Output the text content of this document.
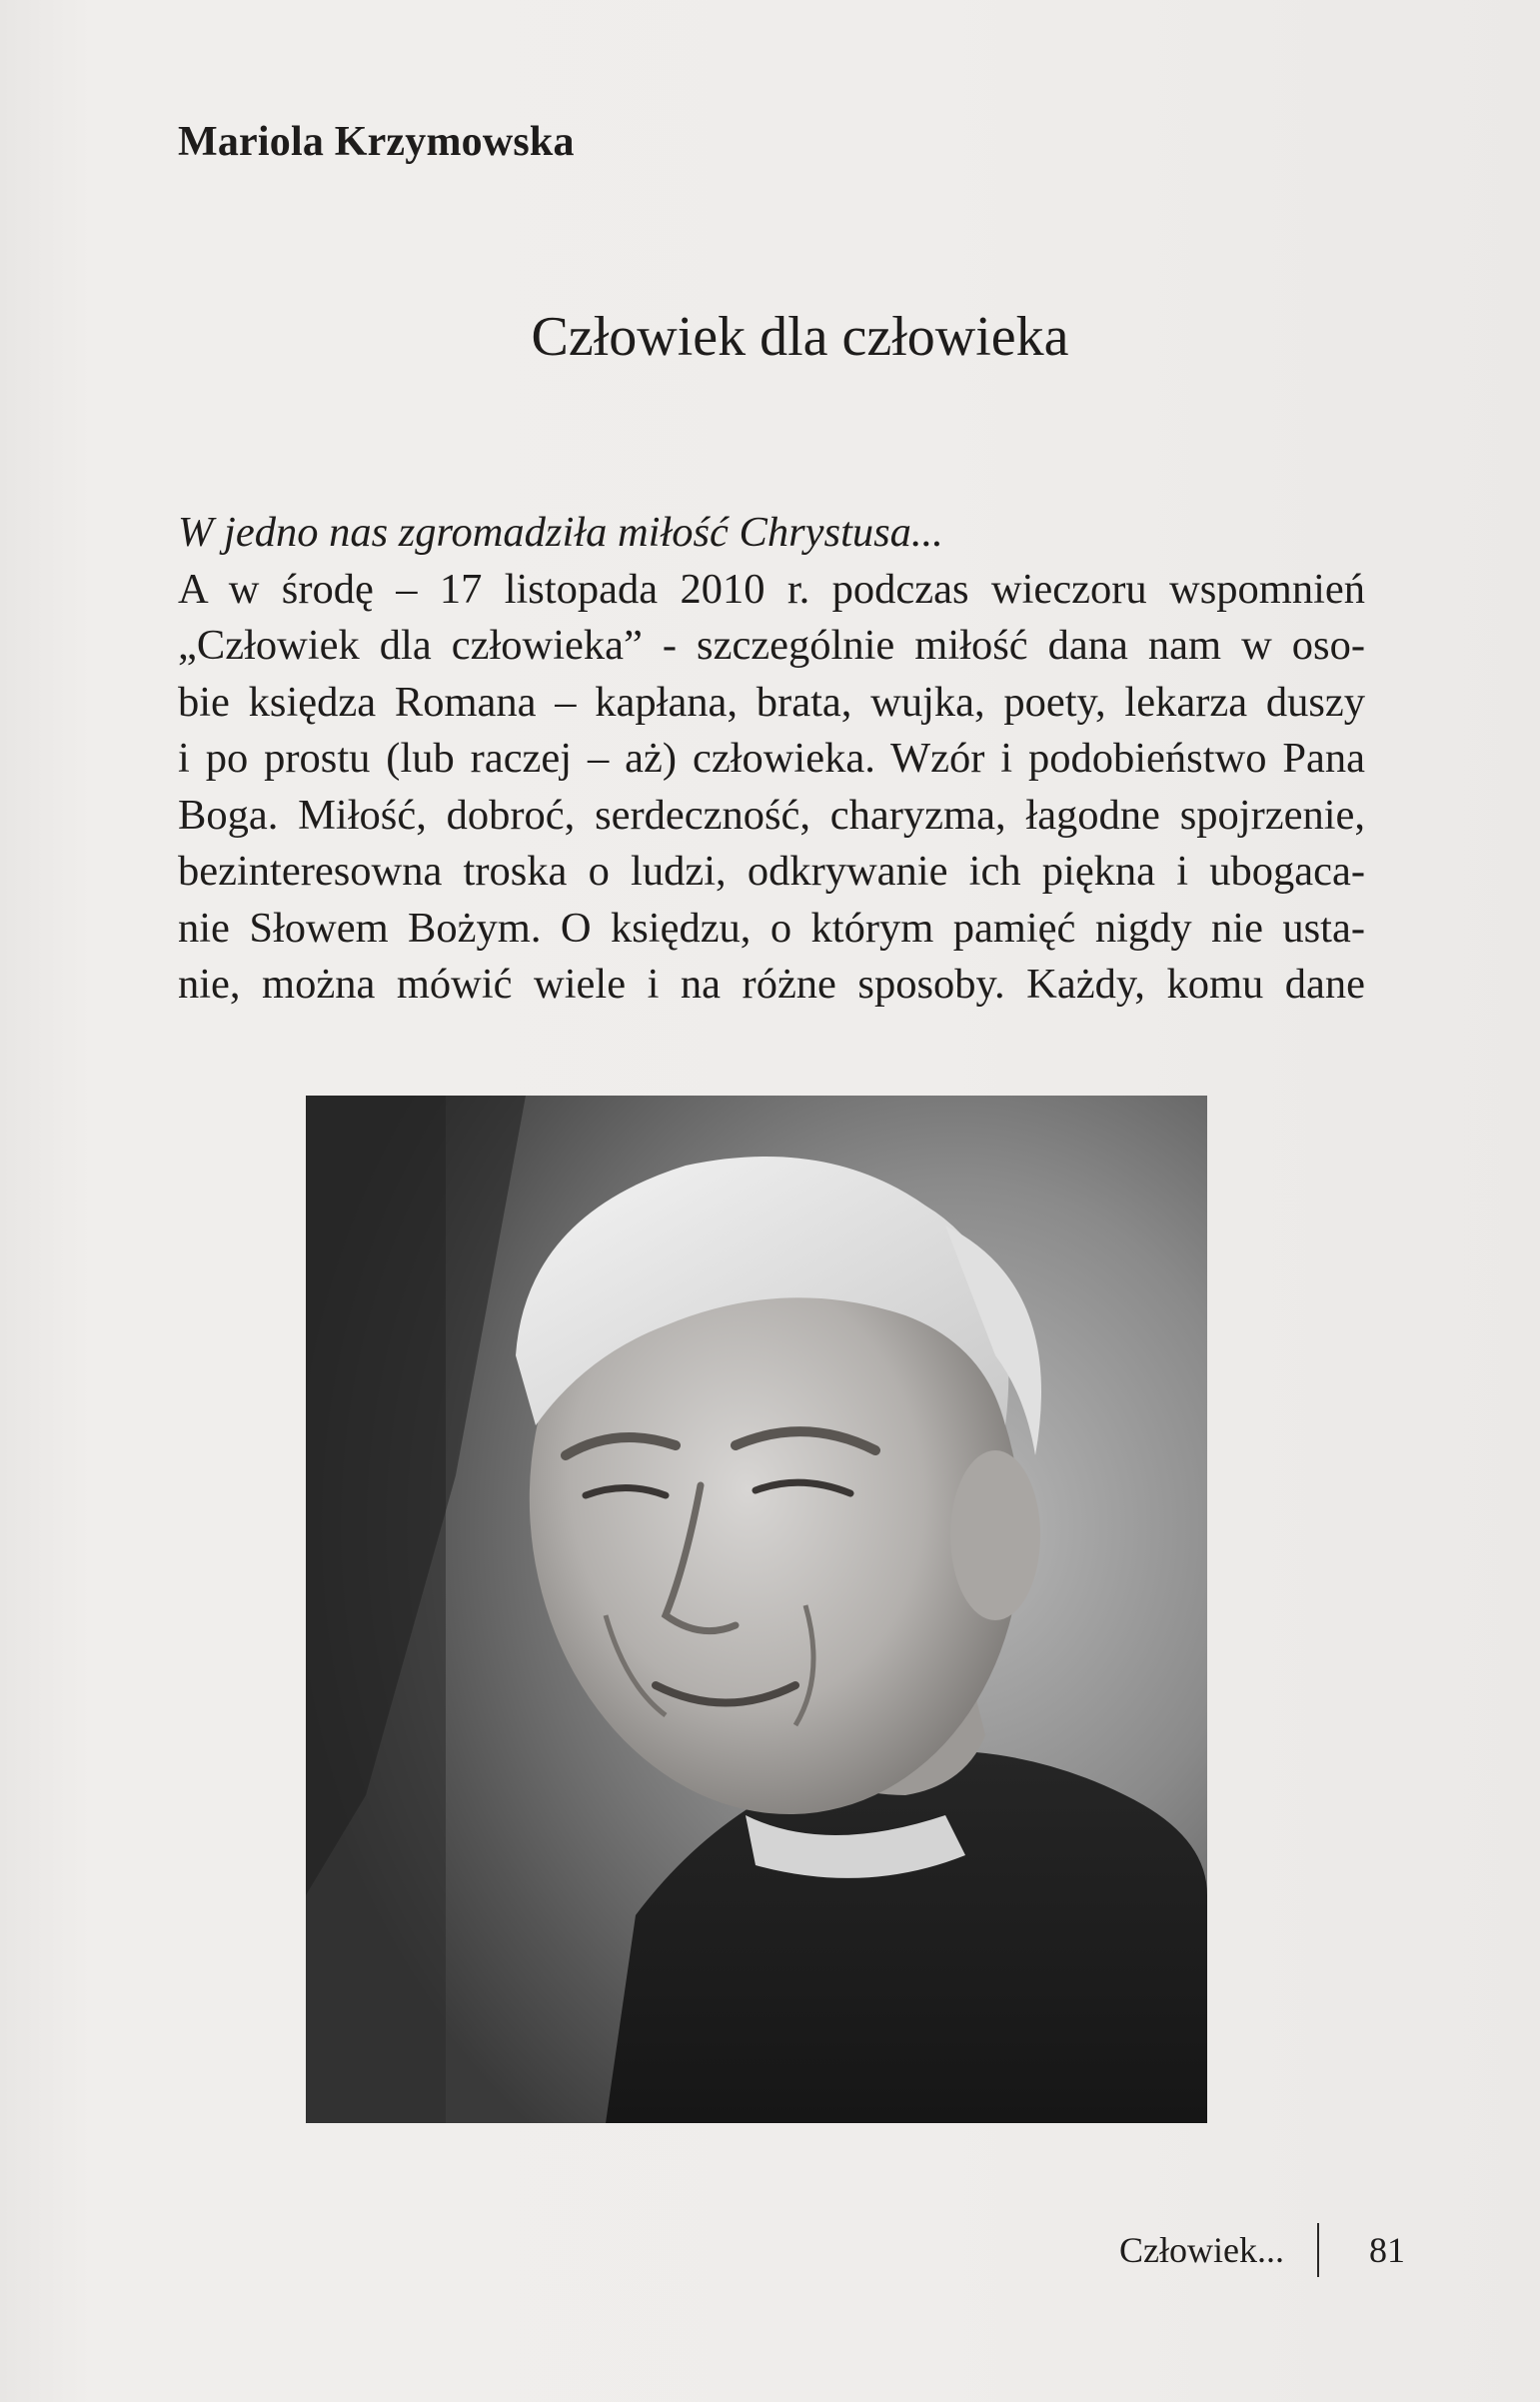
Mariola Krzymowska
Człowiek dla człowieka

W jedno nas zgromadziła miłość Chrystusa...

A w środę – 17 listopada 2010 r. podczas wieczoru wspomnień
„Człowiek dla człowieka” - szczególnie miłość dana nam w oso-
bie księdza Romana – kapłana, brata, wujka, poety, lekarza duszy
i po prostu (lub raczej – aż) człowieka. Wzór i podobieństwo Pana
Boga. Miłość, dobroć, serdeczność, charyzma, łagodne spojrzenie,
bezinteresowna troska o ludzi, odkrywanie ich piękna i ubogaca-
nie Słowem Bożym. O księdzu, o którym pamięć nigdy nie usta-
nie, można mówić wiele i na różne sposoby. Każdy, komu dane

Człowiek... 81
